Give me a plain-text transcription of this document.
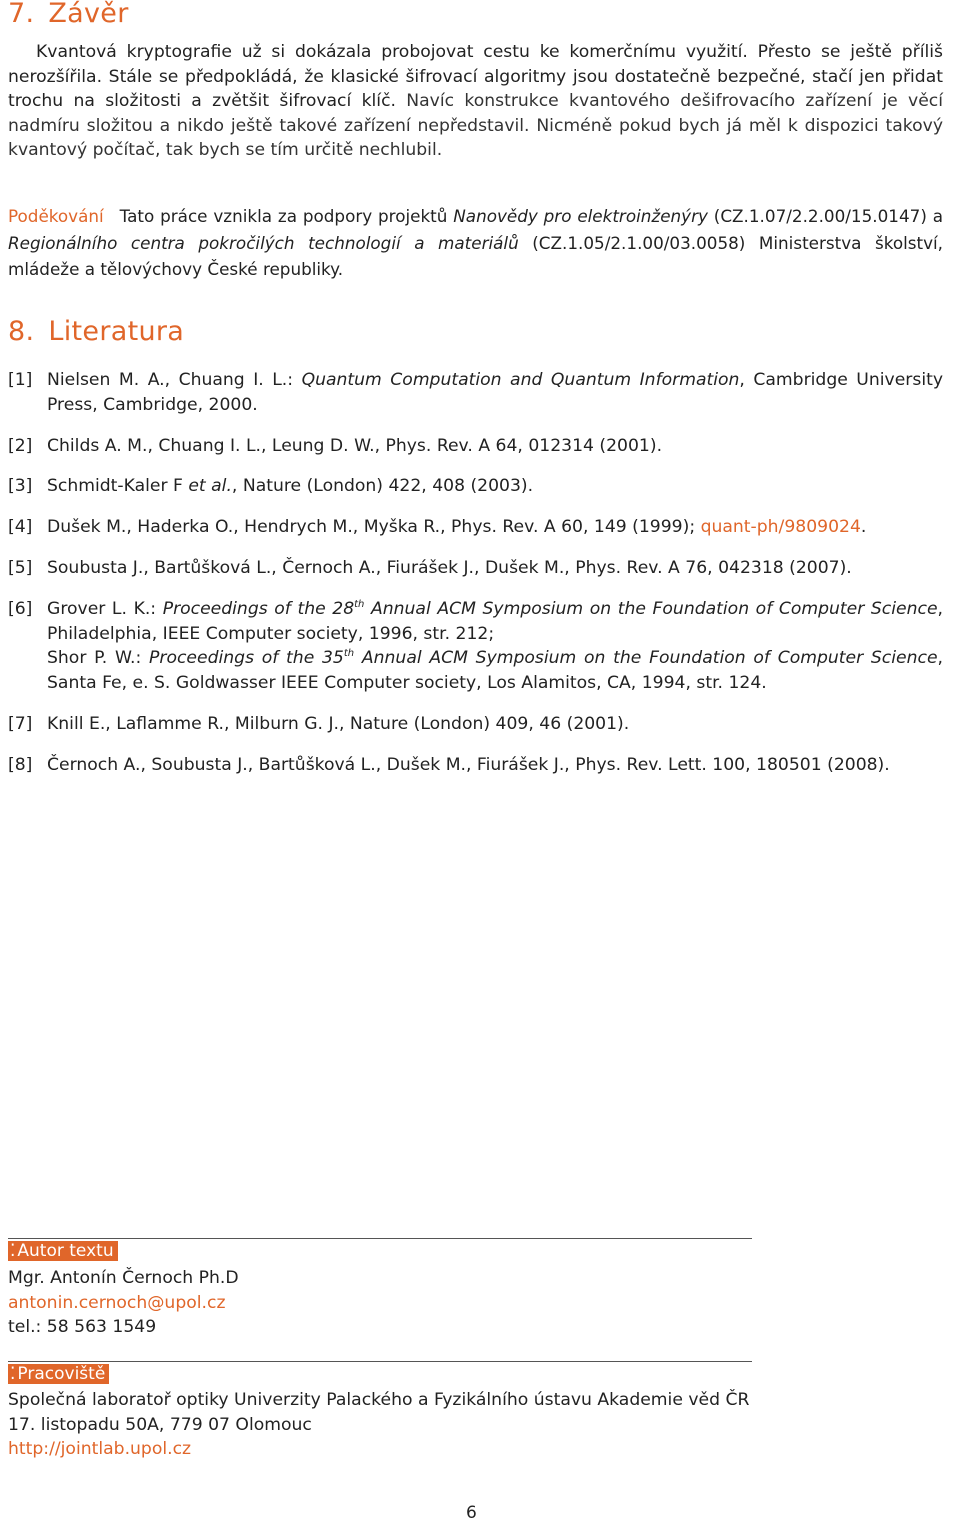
7. Závěr

Kvantová kryptografie už si dokázala probojovat cestu ke komerčnímu využití. Přesto se ještě příliš nerozšířila. Stále se předpokládá, že klasické šifrovací algoritmy jsou dostatečně bezpečné, stačí jen přidat trochu na složitosti a zvětšit šifrovací klíč. Navíc konstrukce kvantového dešifrovacího zařízení je věcí nadmíru složitou a nikdo ještě takové zařízení nepředstavil. Nicméně pokud bych já měl k dispozici takový kvantový počítač, tak bych se tím určitě nechlubil.

Poděkování Tato práce vznikla za podpory projektů Nanovědy pro elektroinženýry (CZ.1.07/2.2.00/15.0147) a Regionálního centra pokročilých technologií a materiálů (CZ.1.05/2.1.00/03.0058) Ministerstva školství, mládeže a tělovýchovy České republiky.

8. Literatura
[1] Nielsen M. A., Chuang I. L.: Quantum Computation and Quantum Information, Cambridge University Press, Cambridge, 2000.
[2] Childs A. M., Chuang I. L., Leung D. W., Phys. Rev. A 64, 012314 (2001).
[3] Schmidt-Kaler F et al., Nature (London) 422, 408 (2003).
[4] Dušek M., Haderka O., Hendrych M., Myška R., Phys. Rev. A 60, 149 (1999); quant-ph/9809024.
[5] Soubusta J., Bartůšková L., Černoch A., Fiurášek J., Dušek M., Phys. Rev. A 76, 042318 (2007).
[6] Grover L. K.: Proceedings of the 28th Annual ACM Symposium on the Foundation of Computer Science, Philadelphia, IEEE Computer society, 1996, str. 212;
Shor P. W.: Proceedings of the 35th Annual ACM Symposium on the Foundation of Computer Science, Santa Fe, e. S. Goldwasser IEEE Computer society, Los Alamitos, CA, 1994, str. 124.
[7] Knill E., Laflamme R., Milburn G. J., Nature (London) 409, 46 (2001).
[8] Černoch A., Soubusta J., Bartůšková L., Dušek M., Fiurášek J., Phys. Rev. Lett. 100, 180501 (2008).
⁚ Autor textu
Mgr. Antonín Černoch Ph.D
antonin.cernoch@upol.cz
tel.: 58 563 1549
⁚ Pracoviště
Společná laboratoř optiky Univerzity Palackého a Fyzikálního ústavu Akademie věd ČR
17. listopadu 50A, 779 07 Olomouc
http://jointlab.upol.cz
6
